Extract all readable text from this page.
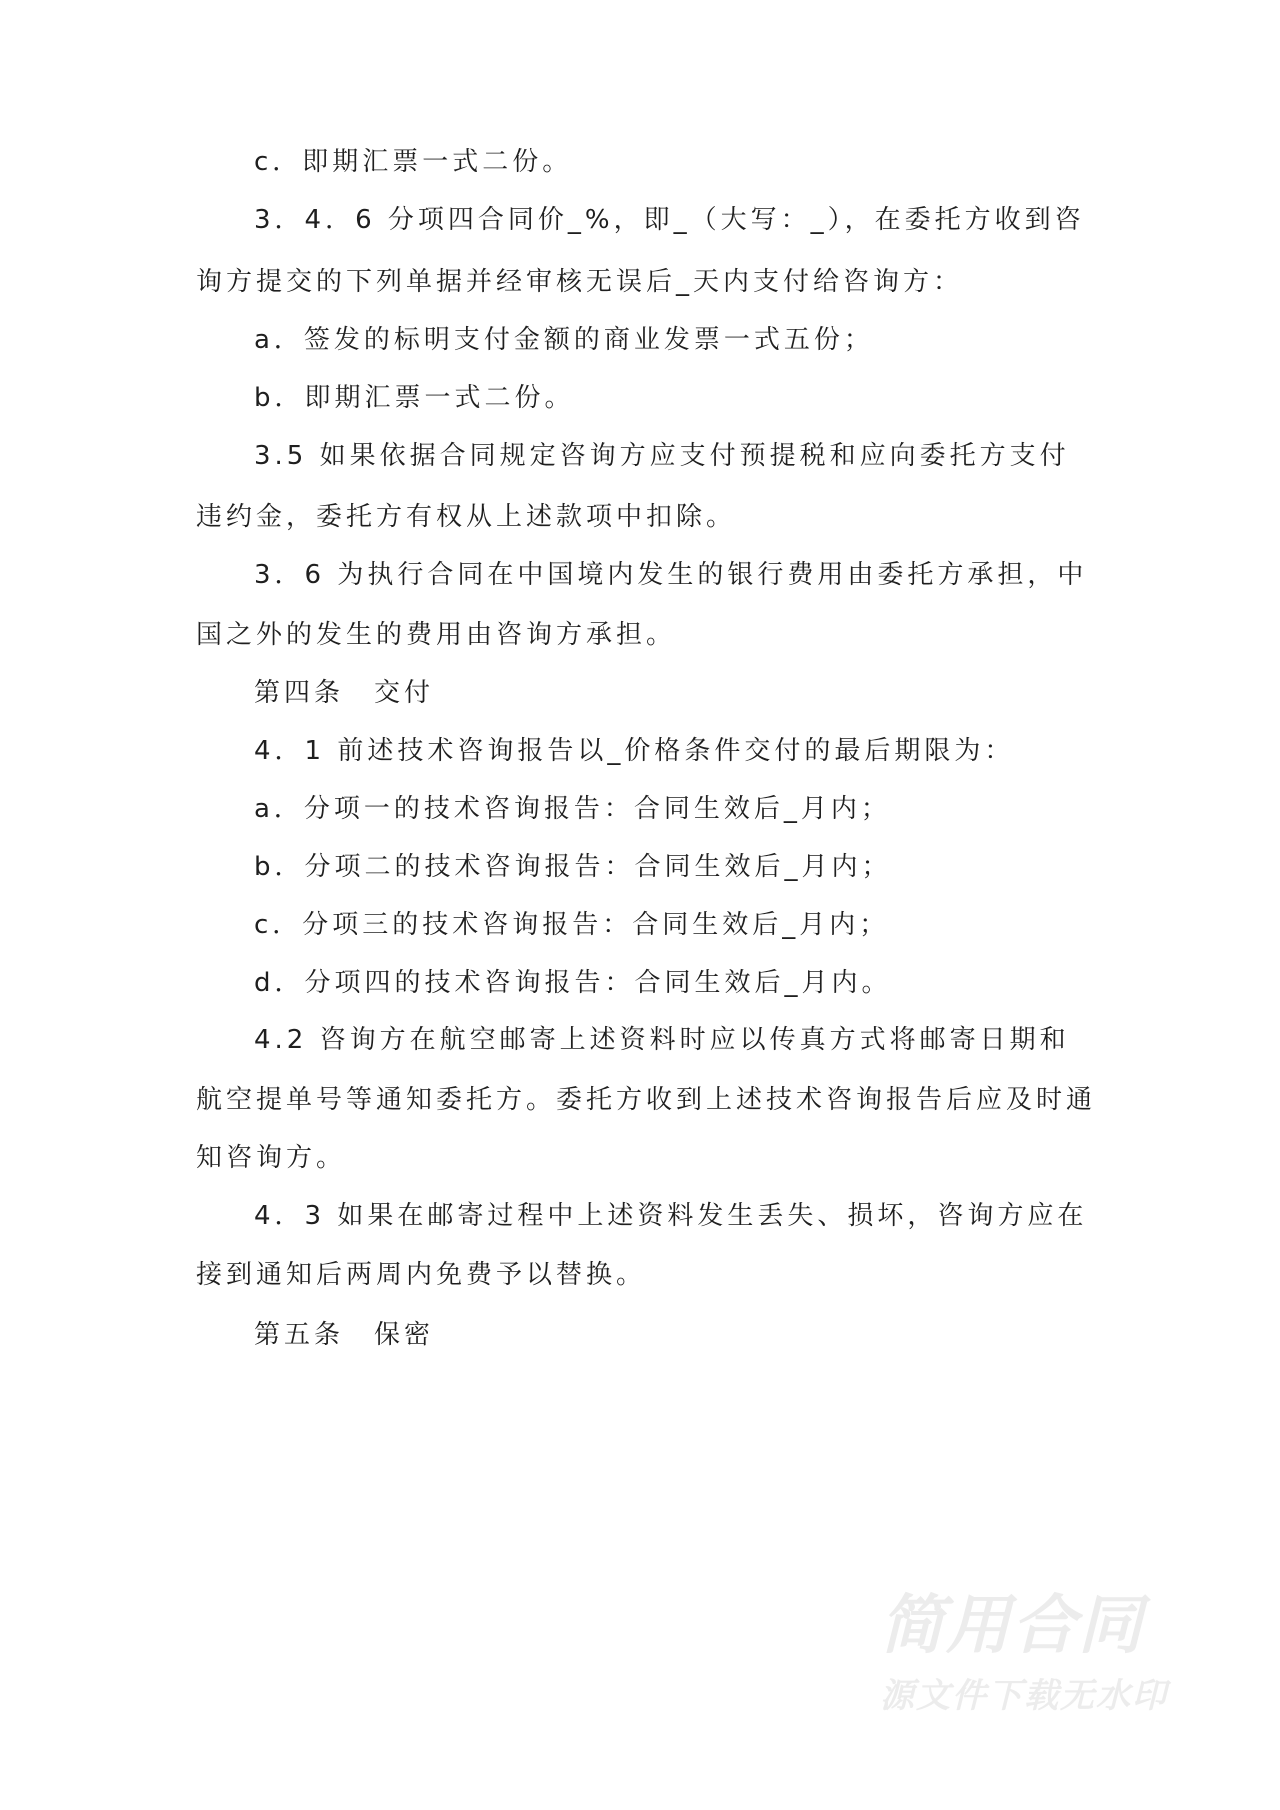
c．即期汇票一式二份。
3．4．6 分项四合同价_%，即_（大写：_），在委托方收到咨
询方提交的下列单据并经审核无误后_天内支付给咨询方：
a．签发的标明支付金额的商业发票一式五份；
b．即期汇票一式二份。
3.5 如果依据合同规定咨询方应支付预提税和应向委托方支付
违约金，委托方有权从上述款项中扣除。
3．6 为执行合同在中国境内发生的银行费用由委托方承担，中
国之外的发生的费用由咨询方承担。
第四条　交付
4．1 前述技术咨询报告以_价格条件交付的最后期限为：
a．分项一的技术咨询报告：合同生效后_月内；
b．分项二的技术咨询报告：合同生效后_月内；
c．分项三的技术咨询报告：合同生效后_月内；
d．分项四的技术咨询报告：合同生效后_月内。
4.2 咨询方在航空邮寄上述资料时应以传真方式将邮寄日期和
航空提单号等通知委托方。委托方收到上述技术咨询报告后应及时通
知咨询方。
4．3 如果在邮寄过程中上述资料发生丢失、损坏，咨询方应在
接到通知后两周内免费予以替换。
第五条　保密
简用合同
源文件下载无水印
